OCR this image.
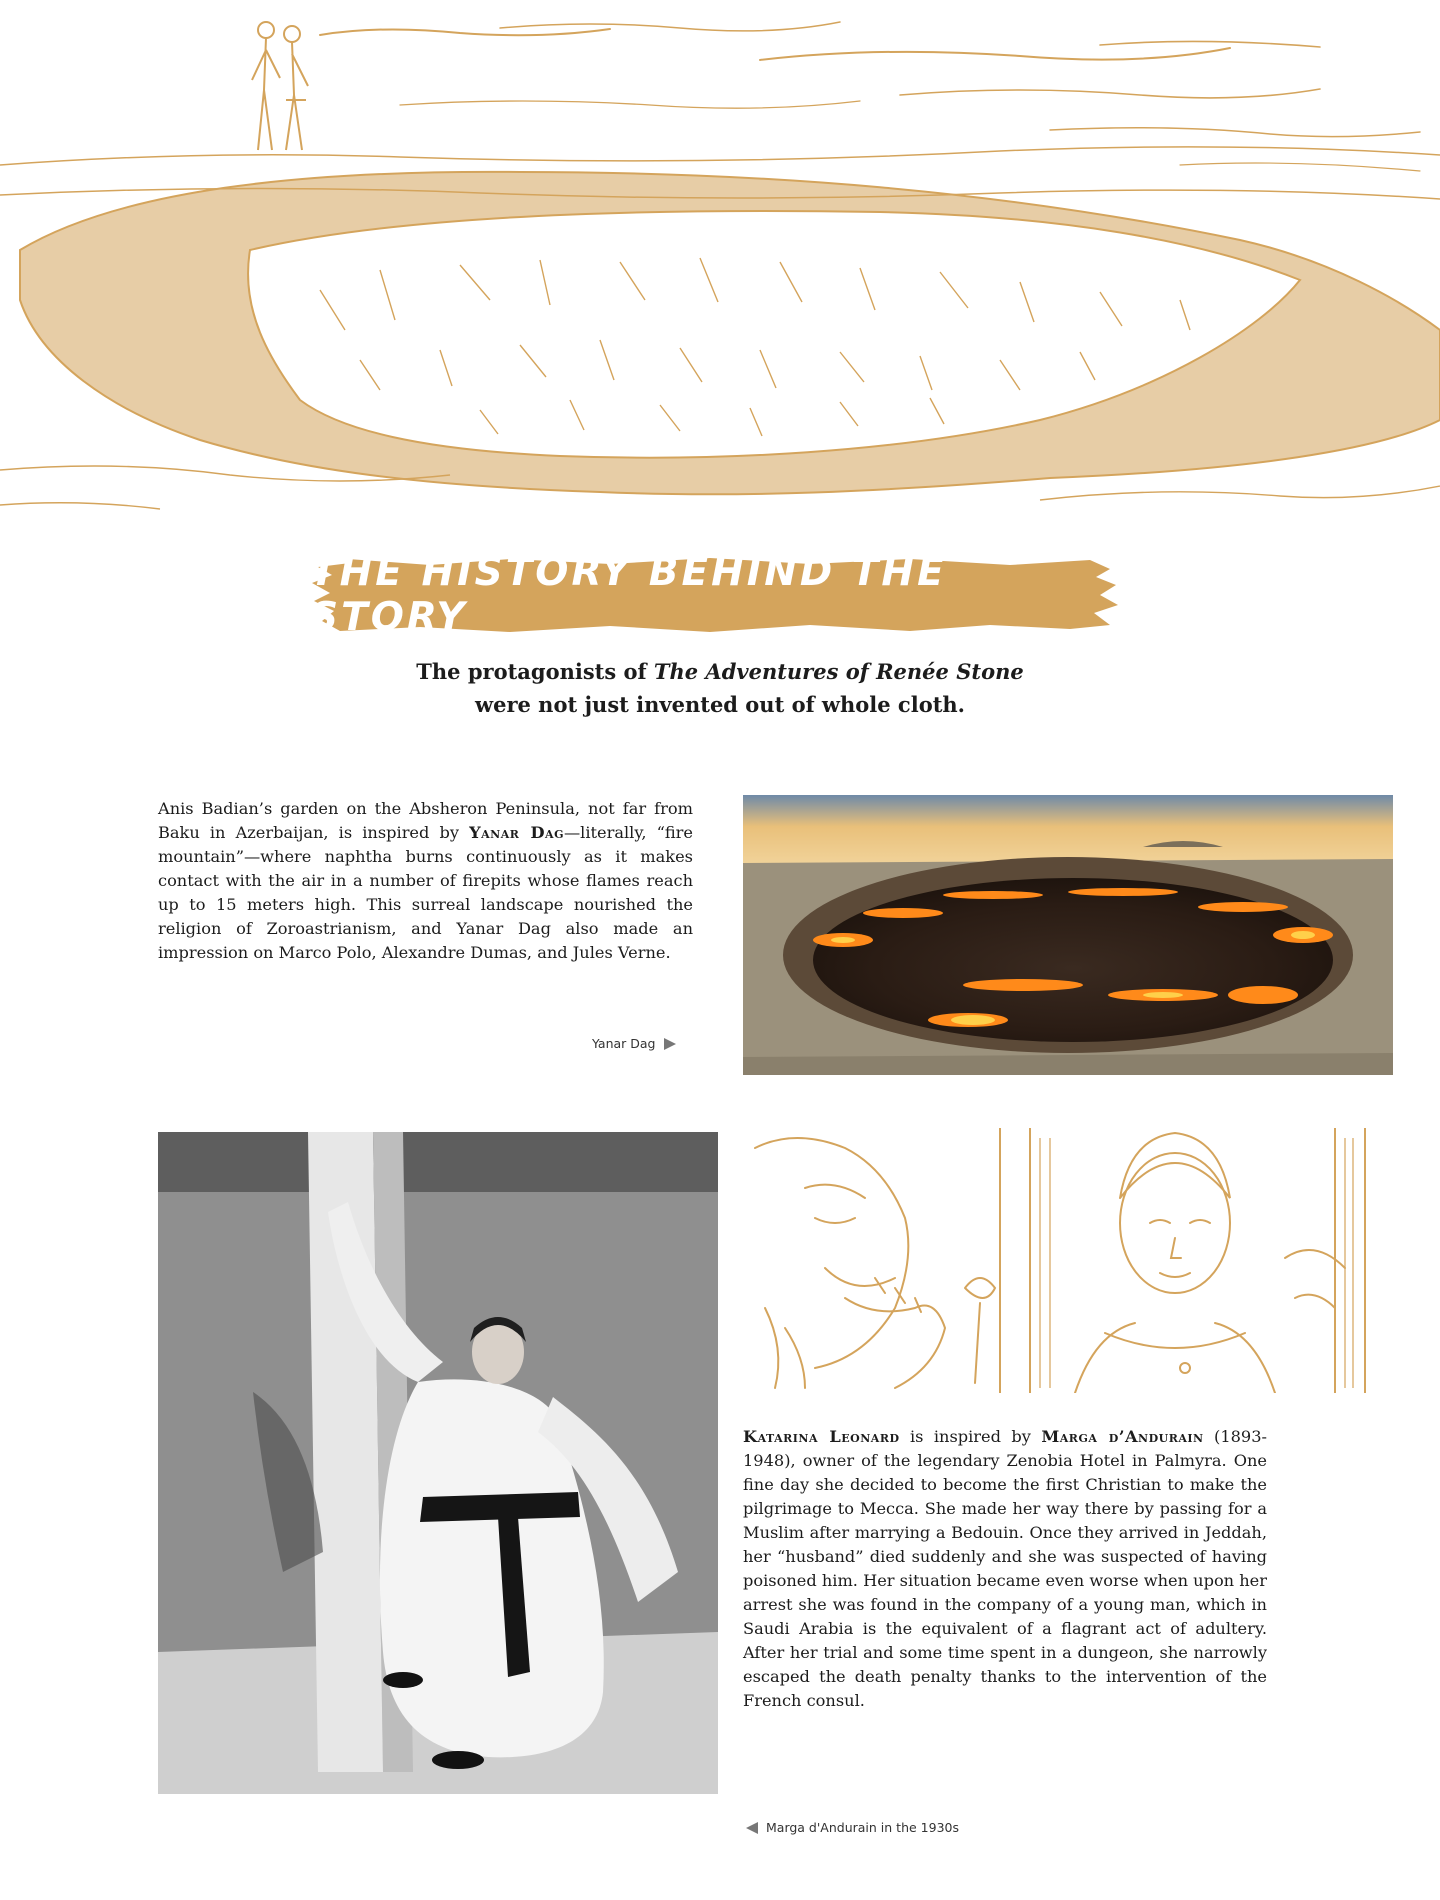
THE HISTORY BEHIND THE STORY
The protagonists of The Adventures of Renée Stone
were not just invented out of whole cloth.

Anis Badian’s garden on the Absheron Peninsula, not far from Baku in Azerbaijan, is inspired by Yanar Dag—literally, “fire mountain”—where naphtha burns continuously as it makes contact with the air in a number of firepits whose flames reach up to 15 meters high. This surreal landscape nourished the religion of Zoroastrianism, and Yanar Dag also made an impression on Marco Polo, Alexandre Dumas, and Jules Verne.

Yanar Dag

Katarina Leonard is inspired by Marga d’Andurain (1893-1948), owner of the legendary Zenobia Hotel in Palmyra. One fine day she decided to become the first Christian to make the pilgrimage to Mecca. She made her way there by passing for a Muslim after marrying a Bedouin. Once they arrived in Jeddah, her “husband” died suddenly and she was suspected of having poisoned him. Her situation became even worse when upon her arrest she was found in the company of a young man, which in Saudi Arabia is the equivalent of a flagrant act of adultery. After her trial and some time spent in a dungeon, she narrowly escaped the death penalty thanks to the intervention of the French consul.

Marga d'Andurain in the 1930s
